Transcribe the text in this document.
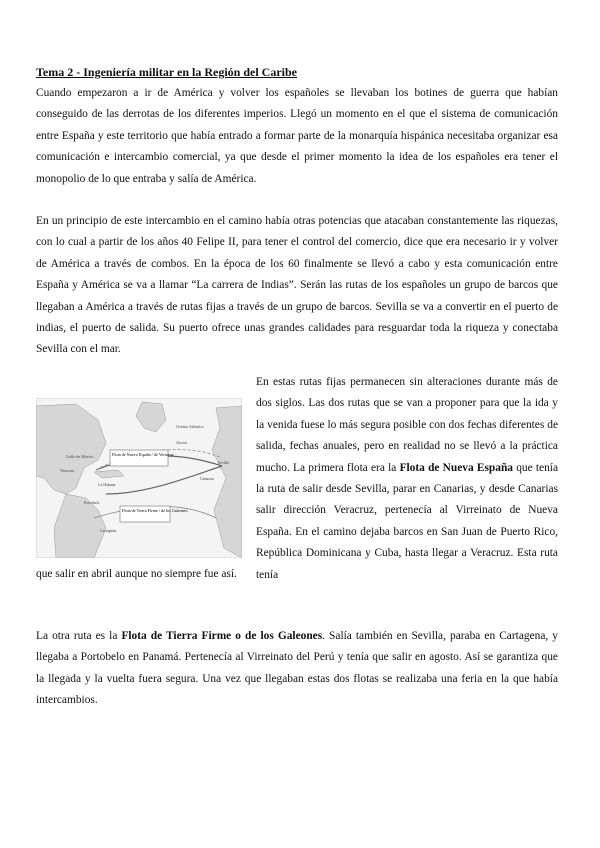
Tema 2 - Ingeniería militar en la Región del Caribe

Cuando empezaron a ir de América y volver los españoles se llevaban los botines de guerra que habían conseguido de las derrotas de los diferentes imperios. Llegó un momento en el que el sistema de comunicación entre España y este territorio que había entrado a formar parte de la monarquía hispánica necesitaba organizar esa comunicación e intercambio comercial, ya que desde el primer momento la idea de los españoles era tener el monopolio de lo que entraba y salía de América.

En un principio de este intercambio en el camino había otras potencias que atacaban constantemente las riquezas, con lo cual a partir de los años 40 Felipe II, para tener el control del comercio, dice que era necesario ir y volver de América a través de combos. En la época de los 60 finalmente se llevó a cabo y esta comunicación entre España y América se va a llamar “La carrera de Indias”. Serán las rutas de los españoles un grupo de barcos que llegaban a América a través de rutas fijas a través de un grupo de barcos. Sevilla se va a convertir en el puerto de indias, el puerto de salida. Su puerto ofrece unas grandes calidades para resguardar toda la riqueza y conectaba Sevilla con el mar.

Flota de Nueva España / de Veracruz
Flota de Tierra Firme / de los Galeones
Océano Atlántico
Azores
Sevilla
Canarias
Veracruz
La Habana
Golfo de México
Portobelo
Cartagena

En estas rutas fijas permanecen sin alteraciones durante más de dos siglos. Las dos rutas que se van a proponer para que la ida y la venida fuese lo más segura posible con dos fechas diferentes de salida, fechas anuales, pero en realidad no se llevó a la práctica mucho. La primera flota era la Flota de Nueva España que tenía la ruta de salir desde Sevilla, parar en Canarias, y desde Canarias salir dirección Veracruz, pertenecía al Virreinato de Nueva España. En el camino dejaba barcos en San Juan de Puerto Rico, República Dominicana y Cuba, hasta llegar a Veracruz. Esta ruta tenía

que salir en abril aunque no siempre fue así.

La otra ruta es la Flota de Tierra Firme o de los Galeones. Salía también en Sevilla, paraba en Cartagena, y llegaba a Portobelo en Panamá. Pertenecía al Virreinato del Perú y tenía que salir en agosto. Así se garantiza que la llegada y la vuelta fuera segura. Una vez que llegaban estas dos flotas se realizaba una feria en la que había intercambios.
